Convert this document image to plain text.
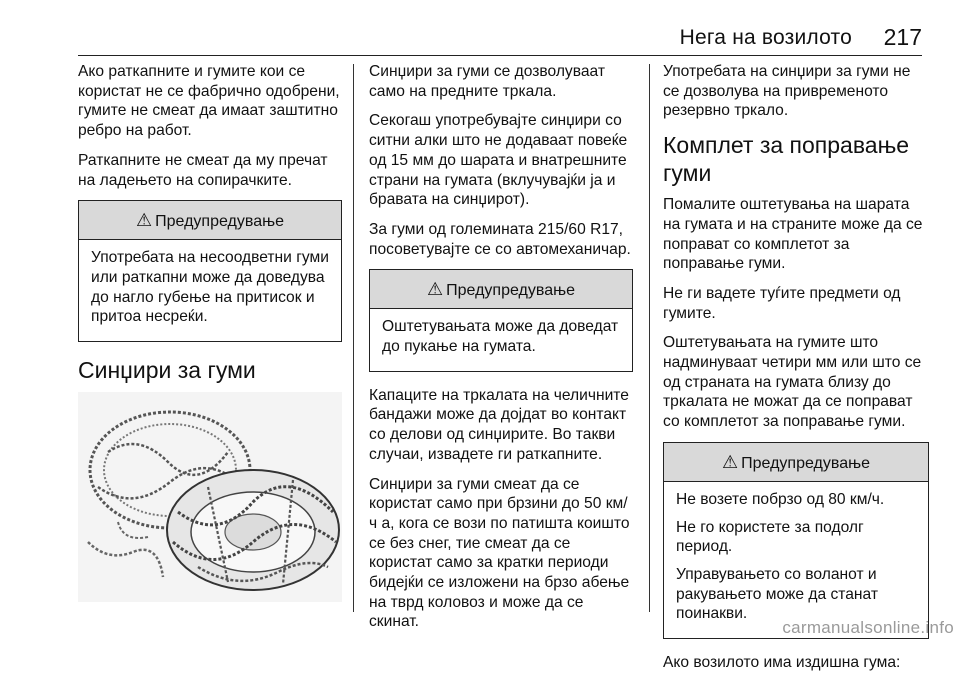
Нега на возилото 217

Ако раткапните и гумите кои се користат не се фабрично одобрени, гумите не смеат да имаат заштитно ребро на работ.

Раткапните не смеат да му пречат на ладењето на сопирачките.

⚠ Предупредување

Употребата на несоодветни гуми или раткапни може да доведува до нагло губење на притисок и притоа несреќи.

Синџири за гуми

Синџири за гуми се дозволуваат само на предните тркала.

Секогаш употребувајте синџири со ситни алки што не додаваат повеќе од 15 мм до шарата и внатрешните страни на гумата (вклучувајќи ја и бравата на синџирот).

За гуми од големината 215/60 R17, посоветувајте се со автомеханичар.

⚠ Предупредување

Оштетувањата може да доведат до пукање на гумата.

Капаците на тркалата на челичните бандажи може да дојдат во контакт со делови од синџирите. Во такви случаи, извадете ги раткапните.

Синџири за гуми смеат да се користат само при брзини до 50 км/ч а, кога се вози по патишта коишто се без снег, тие смеат да се користат само за кратки периоди бидејќи се изложени на брзо абење на тврд коловоз и може да се скинат.

Употребата на синџири за гуми не се дозволува на привременото резервно тркало.

Комплет за поправање гуми

Помалите оштетувања на шарата на гумата и на страните може да се поправат со комплетот за поправање гуми.

Не ги вадете туѓите предмети од гумите.

Оштетувањата на гумите што надминуваат четири мм или што се од страната на гумата близу до тркалата не можат да се поправат со комплетот за поправање гуми.

⚠ Предупредување

Не возете побрзо од 80 км/ч.

Не го користете за подолг период.

Управувањето со воланот и ракувањето може да станат поинакви.

Ако возилото има издишна гума:

carmanualsonline.info
